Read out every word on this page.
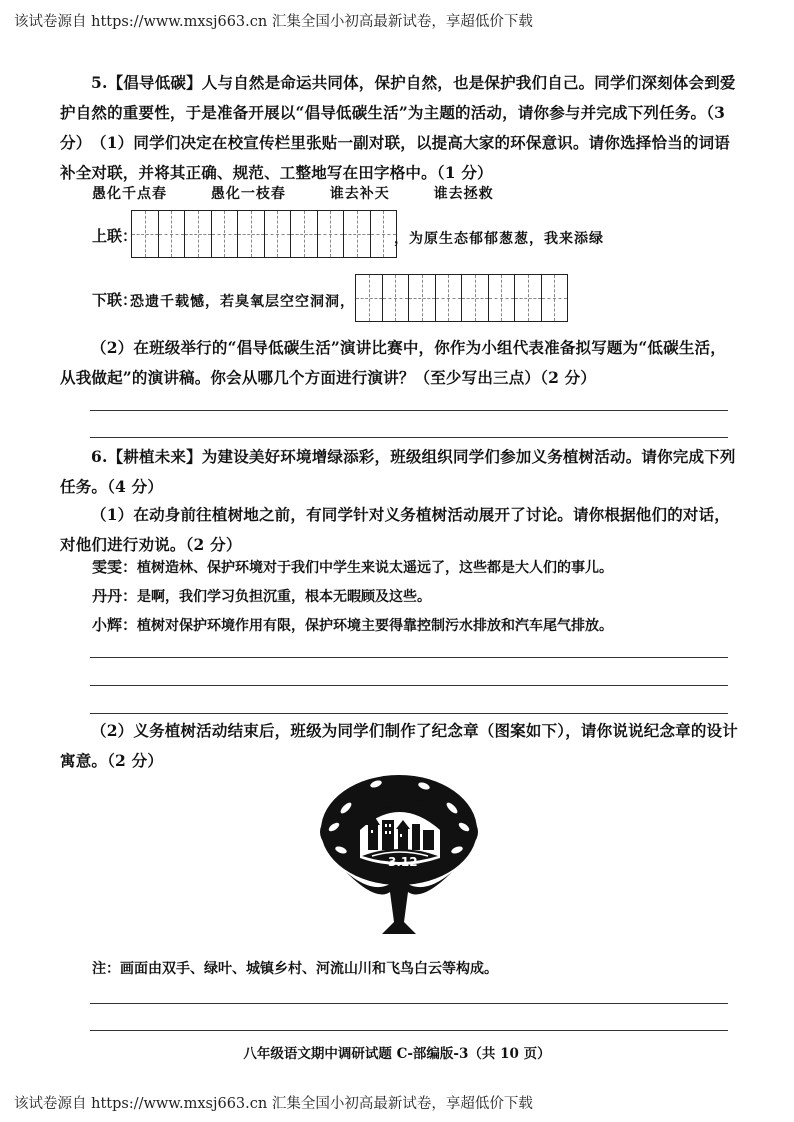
该试卷源自 https://www.mxsj663.cn 汇集全国小初高最新试卷，享超低价下载
5.【倡导低碳】人与自然是命运共同体，保护自然，也是保护我们自己。同学们深刻体会到爱护自然的重要性，于是准备开展以“倡导低碳生活”为主题的活动，请你参与并完成下列任务。（3 分） （1）同学们决定在校宣传栏里张贴一副对联，以提高大家的环保意识。请你选择恰当的词语补全对联，并将其正确、规范、工整地写在田字格中。（1 分）
愚化千点春	愚化一枝春	谁去补天	谁去拯救
上联：	，为原生态郁郁葱葱，我来添绿
下联：
恐遗千载憾，若臭氧层空空洞洞，
（2）在班级举行的“倡导低碳生活”演讲比赛中，你作为小组代表准备拟写题为“低碳生活，从我做起”的演讲稿。你会从哪几个方面进行演讲？（至少写出三点）（2 分）
6.【耕植未来】为建设美好环境增绿添彩，班级组织同学们参加义务植树活动。请你完成下列任务。（4 分）
（1）在动身前往植树地之前，有同学针对义务植树活动展开了讨论。请你根据他们的对话，对他们进行劝说。（2 分）
雯雯：植树造林、保护环境对于我们中学生来说太遥远了，这些都是大人们的事儿。
丹丹：是啊，我们学习负担沉重，根本无暇顾及这些。
小辉：植树对保护环境作用有限，保护环境主要得靠控制污水排放和汽车尾气排放。
（2）义务植树活动结束后，班级为同学们制作了纪念章（图案如下），请你说说纪念章的设计寓意。（2 分）
3.12
注：画面由双手、绿叶、城镇乡村、河流山川和飞鸟白云等构成。
八年级语文期中调研试题 C-部编版-3（共 10 页）
该试卷源自 https://www.mxsj663.cn 汇集全国小初高最新试卷，享超低价下载
